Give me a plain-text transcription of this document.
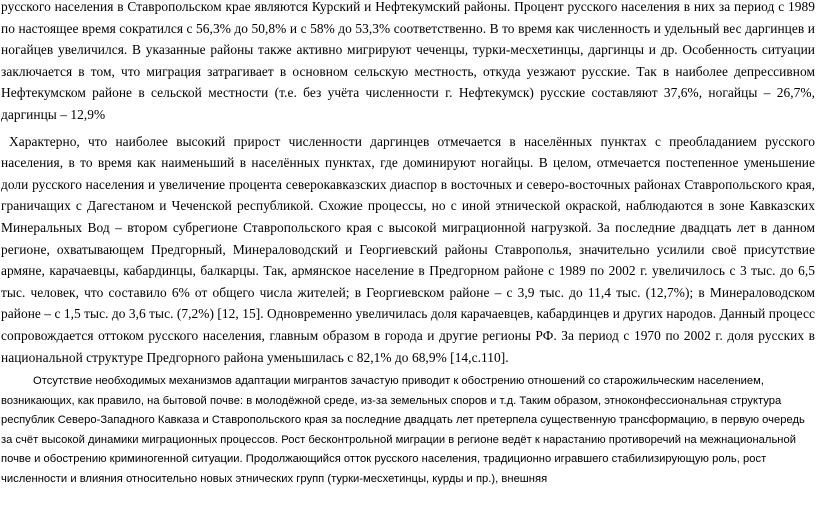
русского населения в Ставропольском крае являются Курский и Нефтекумский районы. Процент русского населения в них за период с 1989 по настоящее время сократился с 56,3% до 50,8% и с 58% до 53,3% соответственно. В то время как численность и удельный вес даргинцев и ногайцев увеличился. В указанные районы также активно мигрируют чеченцы, турки-месхетинцы, даргинцы и др. Особенность ситуации заключается в том, что миграция затрагивает в основном сельскую местность, откуда уезжают русские. Так в наиболее депрессивном Нефтекумском районе в сельской местности (т.е. без учёта численности г. Нефтекумск) русские составляют 37,6%, ногайцы – 26,7%, даргинцы – 12,9%

Характерно, что наиболее высокий прирост численности даргинцев отмечается в населённых пунктах с преобладанием русского населения, в то время как наименьший в населённых пунктах, где доминируют ногайцы. В целом, отмечается постепенное уменьшение доли русского населения и увеличение процента северокавказских диаспор в восточных и северо-восточных районах Ставропольского края, граничащих с Дагестаном и Чеченской республикой. Схожие процессы, но с иной этнической окраской, наблюдаются в зоне Кавказских Минеральных Вод – втором субрегионе Ставропольского края с высокой миграционной нагрузкой. За последние двадцать лет в данном регионе, охватывающем Предгорный, Минераловодский и Георгиевский районы Ставрополья, значительно усилили своё присутствие армяне, карачаевцы, кабардинцы, балкарцы. Так, армянское население в Предгорном районе с 1989 по 2002 г. увеличилось с 3 тыс. до 6,5 тыс. человек, что составило 6% от общего числа жителей; в Георгиевском районе – с 3,9 тыс. до 11,4 тыс. (12,7%); в Минераловодском районе – с 1,5 тыс. до 3,6 тыс. (7,2%) [12, 15]. Одновременно увеличилась доля карачаевцев, кабардинцев и других народов. Данный процесс сопровождается оттоком русского населения, главным образом в города и другие регионы РФ. За период с 1970 по 2002 г. доля русских в национальной структуре Предгорного района уменьшилась с 82,1% до 68,9% [14,с.110].

Отсутствие необходимых механизмов адаптации мигрантов зачастую приводит к обострению отношений со старожильческим населением, возникающих, как правило, на бытовой почве: в молодёжной среде, из-за земельных споров и т.д. Таким образом, этноконфессиональная структура республик Северо-Западного Кавказа и Ставропольского края за последние двадцать лет претерпела существенную трансформацию, в первую очередь за счёт высокой динамики миграционных процессов. Рост бесконтрольной миграции в регионе ведёт к нарастанию противоречий на межнациональной почве и обострению криминогенной ситуации. Продолжающийся отток русского населения, традиционно игравшего стабилизирующую роль, рост численности и влияния относительно новых этнических групп (турки-месхетинцы, курды и пр.), внешняя
